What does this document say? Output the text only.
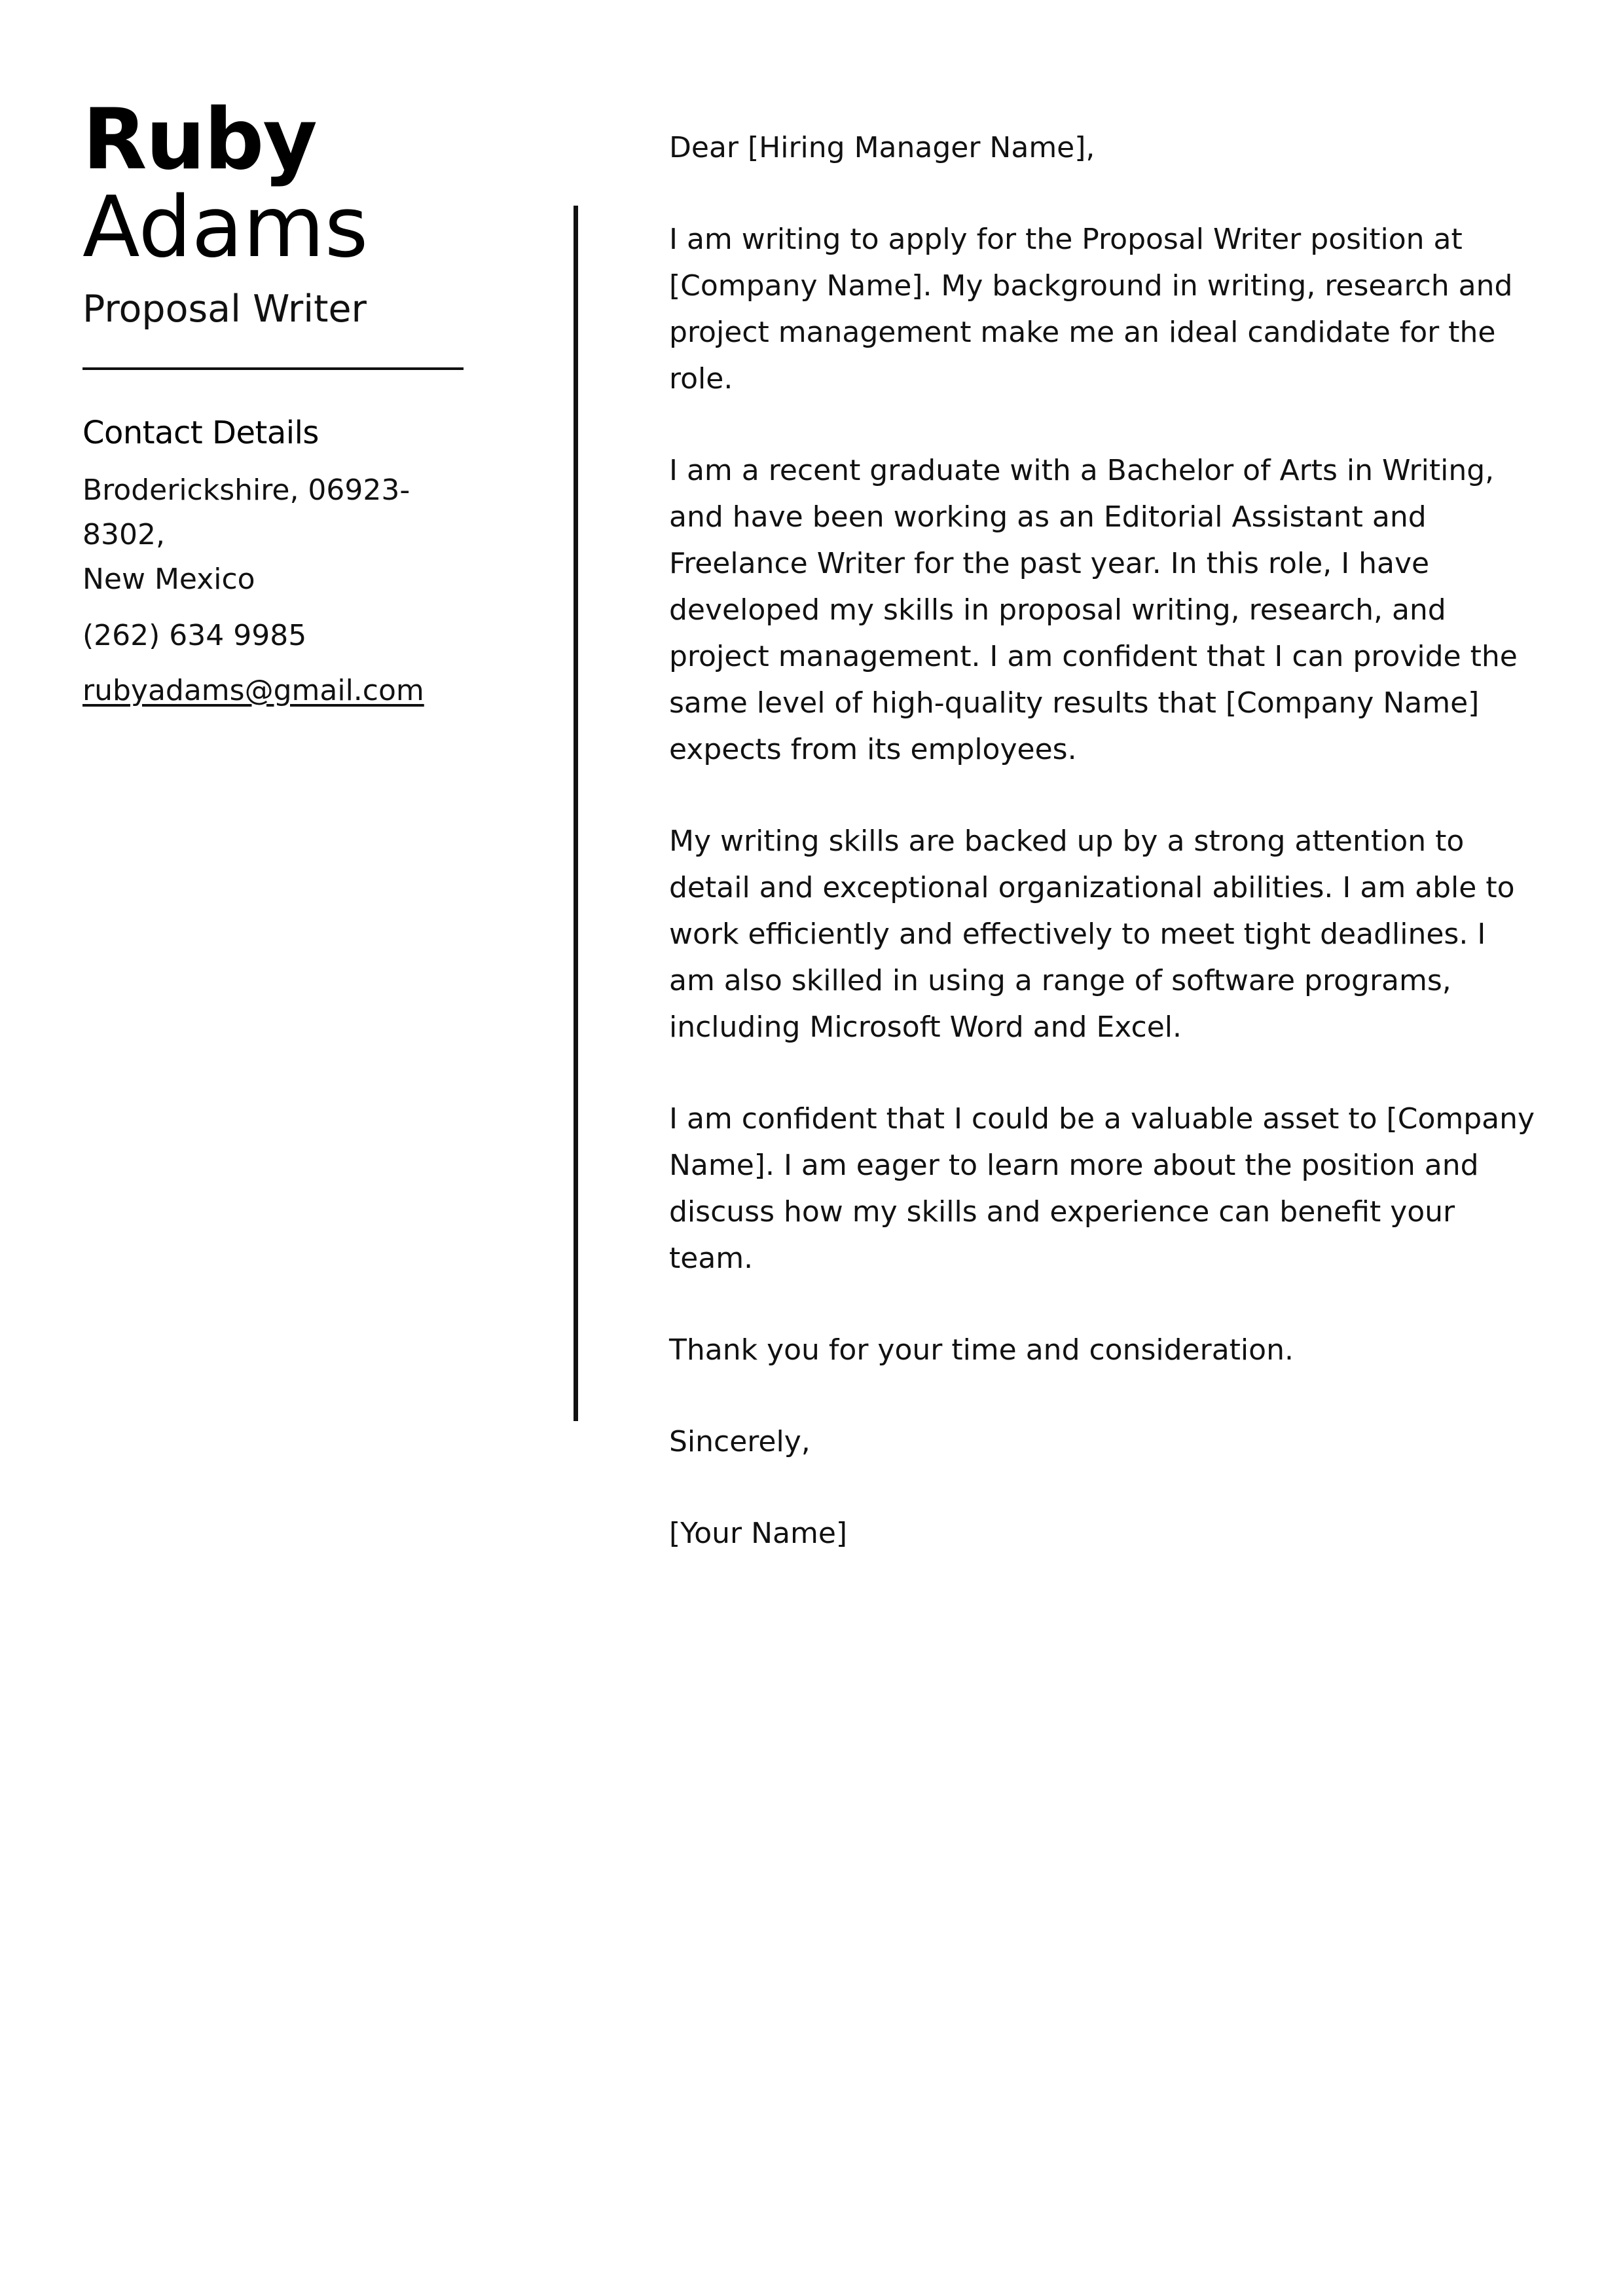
Ruby
Adams
Proposal Writer
Contact Details
Broderickshire, 06923-8302,
New Mexico
(262) 634 9985
rubyadams@gmail.com

Dear [Hiring Manager Name],

I am writing to apply for the Proposal Writer position at [Company Name]. My background in writing, research and project management make me an ideal candidate for the role.

I am a recent graduate with a Bachelor of Arts in Writing, and have been working as an Editorial Assistant and Freelance Writer for the past year. In this role, I have developed my skills in proposal writing, research, and project management. I am confident that I can provide the same level of high-quality results that [Company Name] expects from its employees.

My writing skills are backed up by a strong attention to detail and exceptional organizational abilities. I am able to work efficiently and effectively to meet tight deadlines. I am also skilled in using a range of software programs, including Microsoft Word and Excel.

I am confident that I could be a valuable asset to [Company Name]. I am eager to learn more about the position and discuss how my skills and experience can benefit your team.

Thank you for your time and consideration.

Sincerely,

[Your Name]
